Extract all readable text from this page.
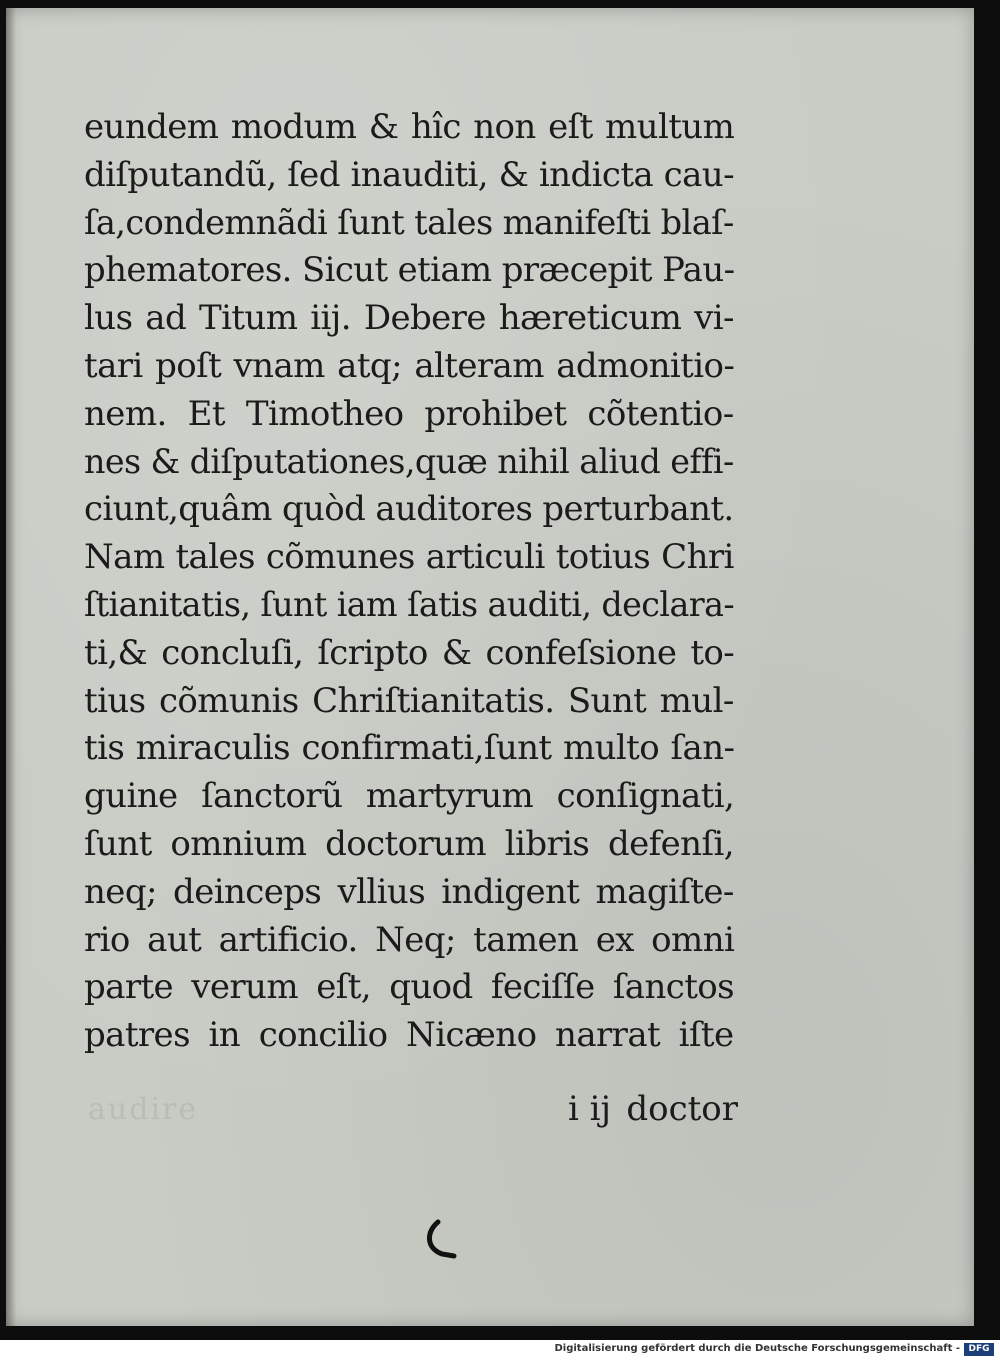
audire
eundem modum & hîc non eſt multum
diſputandũ, ſed inauditi, & indicta cau-
ſa,condemnãdi ſunt tales manifeſti blaſ-
phematores. Sicut etiam præcepit Pau-
lus ad Titum iij. Debere hæreticum vi-
tari poſt vnam atq; alteram admonitio-
nem. Et Timotheo prohibet cõtentio-
nes & diſputationes,quæ nihil aliud effi-
ciunt,quâm quòd auditores perturbant.
Nam tales cõmunes articuli totius Chri
ſtianitatis, ſunt iam ſatis auditi, declara-
ti,& concluſi, ſcripto & confeſsione to-
tius cõmunis Chriſtianitatis. Sunt mul-
tis miraculis confirmati,ſunt multo ſan-
guine ſanctorũ martyrum conſignati,
ſunt omnium doctorum libris defenſi,
neq; deinceps vllius indigent magiſte-
rio aut artificio. Neq; tamen ex omni
parte verum eſt, quod feciſſe ſanctos
patres in concilio Nicæno narrat iſte
i ij doctor
Digitalisierung gefördert durch die Deutsche Forschungsgemeinschaft - DFG
